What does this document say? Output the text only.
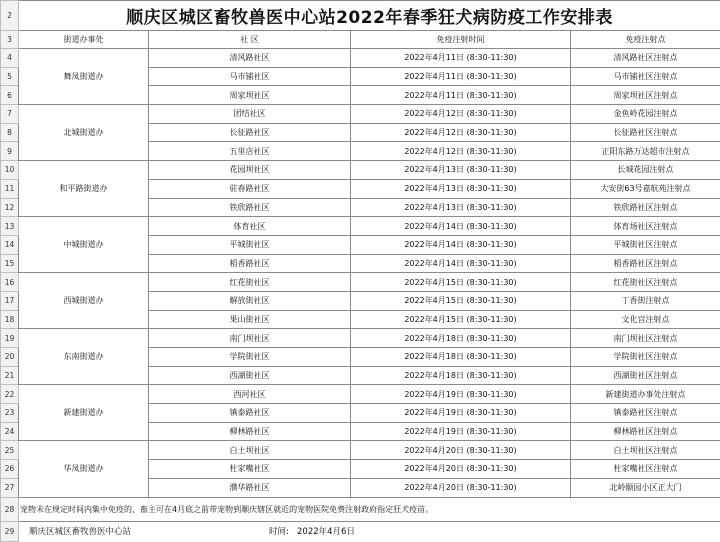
2	顺庆区城区畜牧兽医中心站2022年春季狂犬病防疫工作安排表			
3	街道办事处	社 区	免疫注射时间	免疫注射点
4	舞凤街道办	清风路社区	2022年4月11日 (8:30-11:30)	清风路社区注射点
5		马市铺社区	2022年4月11日 (8:30-11:30)	马市铺社区注射点
6		周家坝社区	2022年4月11日 (8:30-11:30)	周家坝社区注射点
7	北城街道办	团结社区	2022年4月12日 (8:30-11:30)	金鱼岭花园注射点
8		长征路社区	2022年4月12日 (8:30-11:30)	长征路社区注射点
9		五里店社区	2022年4月12日 (8:30-11:30)	正阳东路万达超市注射点
10	和平路街道办	花园坝社区	2022年4月13日 (8:30-11:30)	长城花园注射点
11		驻春路社区	2022年4月13日 (8:30-11:30)	大安街63号嘉航苑注射点
12		铁欣路社区	2022年4月13日 (8:30-11:30)	铁欣路社区注射点
13	中城街道办	体育社区	2022年4月14日 (8:30-11:30)	体育场社区注射点
14		平城街社区	2022年4月14日 (8:30-11:30)	平城街社区注射点
15		稻香路社区	2022年4月14日 (8:30-11:30)	稻香路社区注射点
16	西城街道办	红花街社区	2022年4月15日 (8:30-11:30)	红花街社区注射点
17		解放街社区	2022年4月15日 (8:30-11:30)	丁香街注射点
18		果山街社区	2022年4月15日 (8:30-11:30)	文化宫注射点
19	东南街道办	南门坝社区	2022年4月18日 (8:30-11:30)	南门坝社区注射点
20		学院街社区	2022年4月18日 (8:30-11:30)	学院街社区注射点
21		西湖街社区	2022年4月18日 (8:30-11:30)	西湖街社区注射点
22	新建街道办	西河社区	2022年4月19日 (8:30-11:30)	新建街道办事处注射点
23		镇泰路社区	2022年4月19日 (8:30-11:30)	镇泰路社区注射点
24		柳林路社区	2022年4月19日 (8:30-11:30)	柳林路社区注射点
25	华凤街道办	白土坝社区	2022年4月20日 (8:30-11:30)	白土坝社区注射点
26		杜家嘴社区	2022年4月20日 (8:30-11:30)	杜家嘴社区注射点
27		濮华路社区	2022年4月20日 (8:30-11:30)	北岭颐园小区正大门
28	宠物未在规定时间内集中免疫的，畜主可在4月底之前带宠物到顺庆辖区就近的宠物医院免费注射政府指定狂犬疫苗。			
29	顺庆区城区畜牧兽医中心站 时间: 2022年4月6日			
